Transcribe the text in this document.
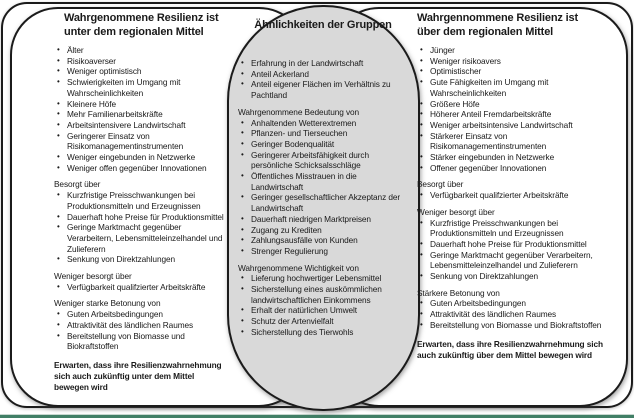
Wahrgenommene Resilienz ist unter dem regionalen Mittel
• Älter
• Risikoaverser
• Weniger optimistisch
• Schwierigkeiten im Umgang mit Wahrscheinlichkeiten
• Kleinere Höfe
• Mehr Familienarbeitskräfte
• Arbeitsintensivere Landwirtschaft
• Geringerer Einsatz von Risikomanagementinstrumenten
• Weniger eingebunden in Netzwerke
• Weniger offen gegenüber Innovationen
Besorgt über
• Kurzfristige Preisschwankungen bei Produktionsmitteln und Erzeugnissen
• Dauerhaft hohe Preise für Produktionsmittel
• Geringe Marktmacht gegenüber Verarbeitern, Lebensmitteleinzelhandel und Zulieferern
• Senkung von Direktzahlungen
Weniger besorgt über
• Verfügbarkeit qualifzierter Arbeitskräfte
Weniger starke Betonung von
• Guten Arbeitsbedingungen
• Attraktivität des ländlichen Raumes
• Bereitstellung von Biomasse und Biokraftstoffen
Erwarten, dass ihre Resilienzwahrnehmung sich auch zukünftig unter dem Mittel bewegen wird
Ähnlichkeiten der Gruppen
• Erfahrung in der Landwirtschaft
• Anteil Ackerland
• Anteil eigener Flächen im Verhältnis zu Pachtland
Wahrgenommene Bedeutung von
• Anhaltenden Wetterextremen
• Pflanzen- und Tierseuchen
• Geringer Bodenqualität
• Geringerer Arbeitsfähigkeit durch persönliche Schicksalsschläge
• Öffentliches Misstrauen in die Landwirtschaft
• Geringer gesellschaftlicher Akzeptanz der Landwirtschaft
• Dauerhaft niedrigen Marktpreisen
• Zugang zu Krediten
• Zahlungsausfälle von Kunden
• Strenger Regulierung
Wahrgenommene Wichtigkeit von
• Lieferung hochwertiger Lebensmittel
• Sicherstellung eines auskömmlichen landwirtschaftlichen Einkommens
• Erhalt der natürlichen Umwelt
• Schutz der Artenvielfalt
• Sicherstellung des Tierwohls
Wahrgennommene Resilienz ist über dem regionalen Mittel
• Jünger
• Weniger risikoavers
• Optimistischer
• Gute Fähigkeiten im Umgang mit Wahrscheinlichkeiten
• Größere Höfe
• Höherer Anteil Fremdarbeitskräfte
• Weniger arbeitsintensive Landwirtschaft
• Stärkerer Einsatz von Risikomanagementinstrumenten
• Stärker eingebunden in Netzwerke
• Offener gegenüber Innovationen
Besorgt über
• Verfügbarkeit qualifzierter Arbeitskräfte
Weniger besorgt über
• Kurzfristige Preisschwankungen bei Produktionsmitteln und Erzeugnissen
• Dauerhaft hohe Preise für Produktionsmittel
• Geringe Marktmacht gegenüber Verarbeitern, Lebensmitteleinzelhandel und Zulieferern
• Senkung von Direktzahlungen
Stärkere Betonung von
• Guten Arbeitsbedingungen
• Attraktivität des ländlichen Raumes
• Bereitstellung von Biomasse und Biokraftstoffen
Erwarten, dass ihre Resilienzwahrnehmung sich auch zukünftig über dem Mittel bewegen wird
